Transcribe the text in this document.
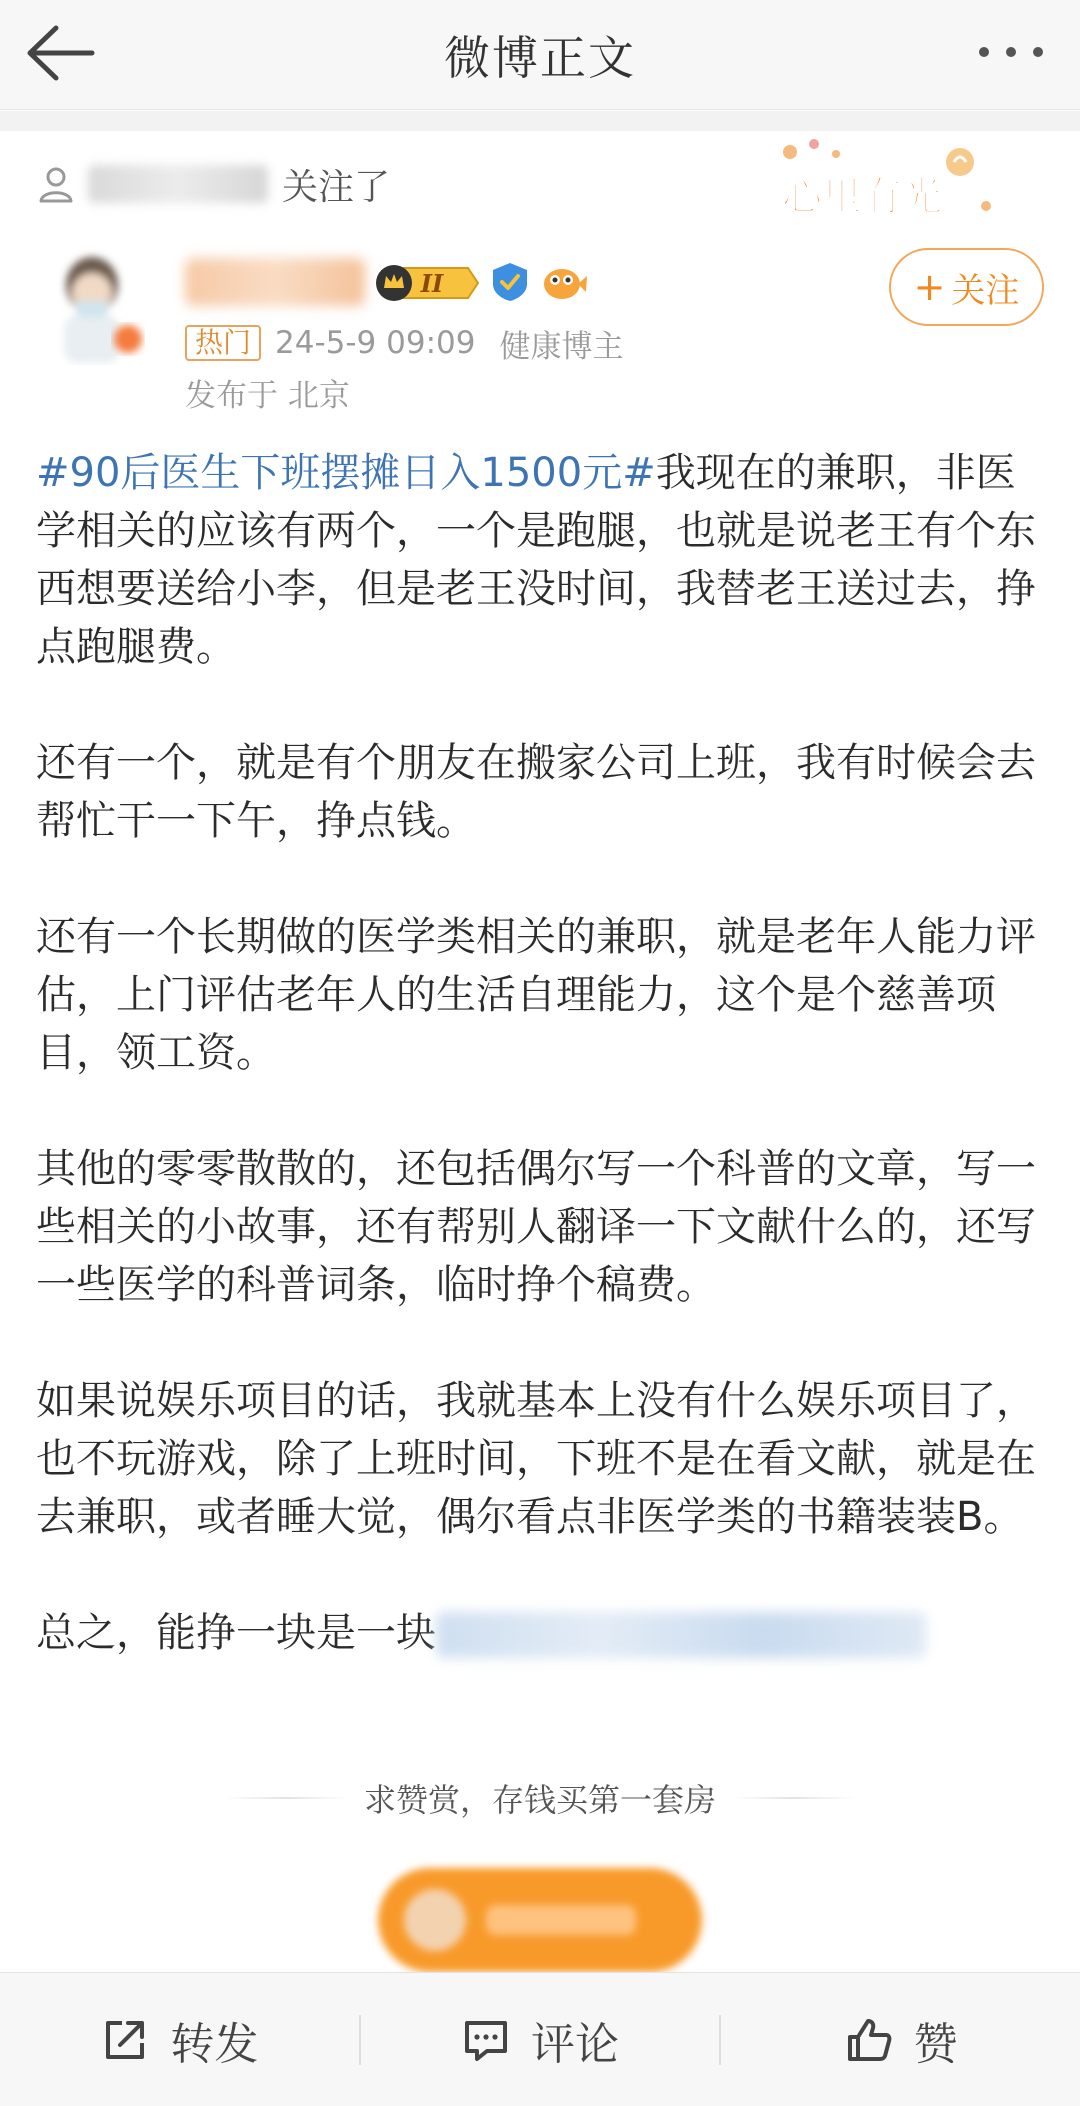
微博正文
关注了	心里有光
II	+ 关注
热门 24-5-9 09:09 健康博主
发布于 北京

#90后医生下班摆摊日入1500元#我现在的兼职，非医学相关的应该有两个，一个是跑腿，也就是说老王有个东西想要送给小李，但是老王没时间，我替老王送过去，挣点跑腿费。

还有一个，就是有个朋友在搬家公司上班，我有时候会去帮忙干一下午，挣点钱。

还有一个长期做的医学类相关的兼职，就是老年人能力评估，上门评估老年人的生活自理能力，这个是个慈善项目，领工资。

其他的零零散散的，还包括偶尔写一个科普的文章，写一些相关的小故事，还有帮别人翻译一下文献什么的，还写一些医学的科普词条，临时挣个稿费。

如果说娱乐项目的话，我就基本上没有什么娱乐项目了，也不玩游戏，除了上班时间，下班不是在看文献，就是在去兼职，或者睡大觉，偶尔看点非医学类的书籍装装B。

总之，能挣一块是一块

求赞赏，存钱买第一套房
转发	评论	赞
